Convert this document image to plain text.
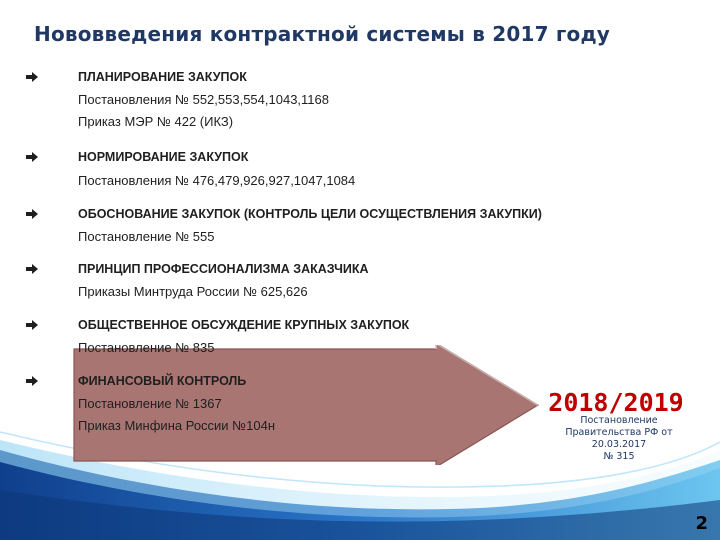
Нововведения контрактной системы в 2017 году
ПЛАНИРОВАНИЕ ЗАКУПОК
Постановления № 552,553,554,1043,1168
Приказ МЭР № 422 (ИКЗ)
НОРМИРОВАНИЕ ЗАКУПОК
Постановления № 476,479,926,927,1047,1084
ОБОСНОВАНИЕ ЗАКУПОК (КОНТРОЛЬ ЦЕЛИ ОСУЩЕСТВЛЕНИЯ ЗАКУПКИ)
Постановление № 555
ПРИНЦИП ПРОФЕССИОНАЛИЗМА ЗАКАЗЧИКА
Приказы Минтруда России № 625,626
ОБЩЕСТВЕННОЕ ОБСУЖДЕНИЕ КРУПНЫХ ЗАКУПОК
Постановление № 835
ФИНАНСОВЫЙ КОНТРОЛЬ
Постановление № 1367
Приказ Минфина России №104н
2018/2019
Постановление
Правительства РФ от
20.03.2017
№ 315
2
